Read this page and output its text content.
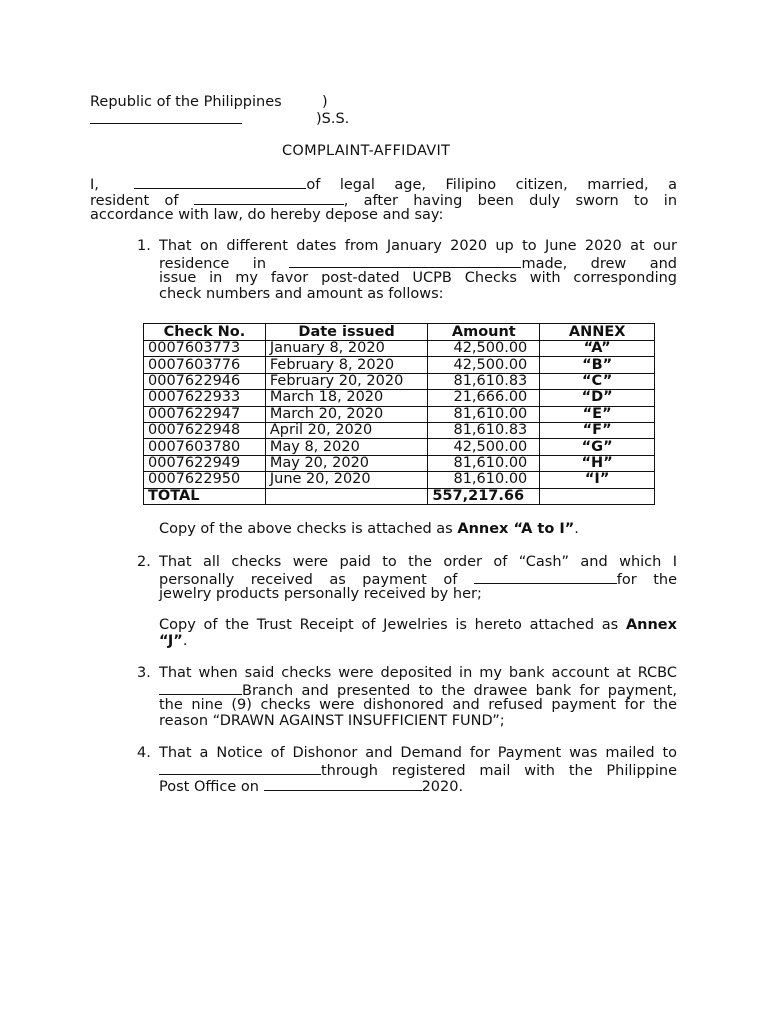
Republic of the Philippines	)
)S.S.
COMPLAINT-AFFIDAVIT
I,	of legal age, Filipino citizen, married, a
resident of	, after having been duly sworn to in
accordance with law, do hereby depose and say:
1. That on different dates from January 2020 up to June 2020 at our
residence in	made, drew and
issue in my favor post-dated UCPB Checks with corresponding
check numbers and amount as follows:
Check No.	Date issued	Amount	ANNEX
0007603773	January 8, 2020	42,500.00	“A”
0007603776	February 8, 2020	42,500.00	“B”
0007622946	February 20, 2020	81,610.83	“C”
0007622933	March 18, 2020	21,666.00	“D”
0007622947	March 20, 2020	81,610.00	“E”
0007622948	April 20, 2020	81,610.83	“F”
0007603780	May 8, 2020	42,500.00	“G”
0007622949	May 20, 2020	81,610.00	“H”
0007622950	June 20, 2020	81,610.00	“I”
TOTAL		557,217.66	
Copy of the above checks is attached as Annex “A to I”.
2. That all checks were paid to the order of “Cash” and which I
personally received as payment of	for the
jewelry products personally received by her;
Copy of the Trust Receipt of Jewelries is hereto attached as Annex
“J”.
3. That when said checks were deposited in my bank account at RCBC
Branch and presented to the drawee bank for payment,
the nine (9) checks were dishonored and refused payment for the
reason “DRAWN AGAINST INSUFFICIENT FUND”;
4. That a Notice of Dishonor and Demand for Payment was mailed to
through registered mail with the Philippine
Post Office on	2020.
